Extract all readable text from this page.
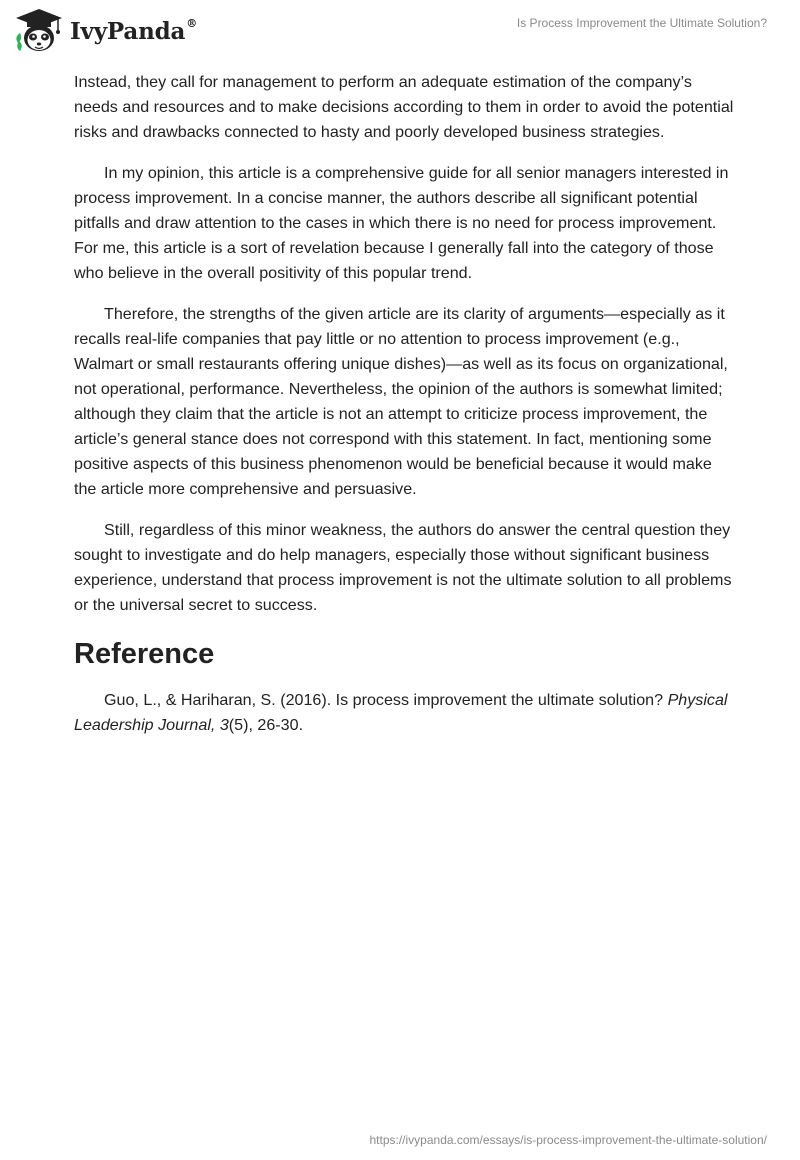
IvyPanda®	Is Process Improvement the Ultimate Solution?

Instead, they call for management to perform an adequate estimation of the company’s needs and resources and to make decisions according to them in order to avoid the potential risks and drawbacks connected to hasty and poorly developed business strategies.

In my opinion, this article is a comprehensive guide for all senior managers interested in process improvement. In a concise manner, the authors describe all significant potential pitfalls and draw attention to the cases in which there is no need for process improvement. For me, this article is a sort of revelation because I generally fall into the category of those who believe in the overall positivity of this popular trend.

Therefore, the strengths of the given article are its clarity of arguments—especially as it recalls real-life companies that pay little or no attention to process improvement (e.g., Walmart or small restaurants offering unique dishes)—as well as its focus on organizational, not operational, performance. Nevertheless, the opinion of the authors is somewhat limited; although they claim that the article is not an attempt to criticize process improvement, the article’s general stance does not correspond with this statement. In fact, mentioning some positive aspects of this business phenomenon would be beneficial because it would make the article more comprehensive and persuasive.

Still, regardless of this minor weakness, the authors do answer the central question they sought to investigate and do help managers, especially those without significant business experience, understand that process improvement is not the ultimate solution to all problems or the universal secret to success.

Reference

Guo, L., & Hariharan, S. (2016). Is process improvement the ultimate solution? Physical Leadership Journal, 3(5), 26-30.

https://ivypanda.com/essays/is-process-improvement-the-ultimate-solution/
